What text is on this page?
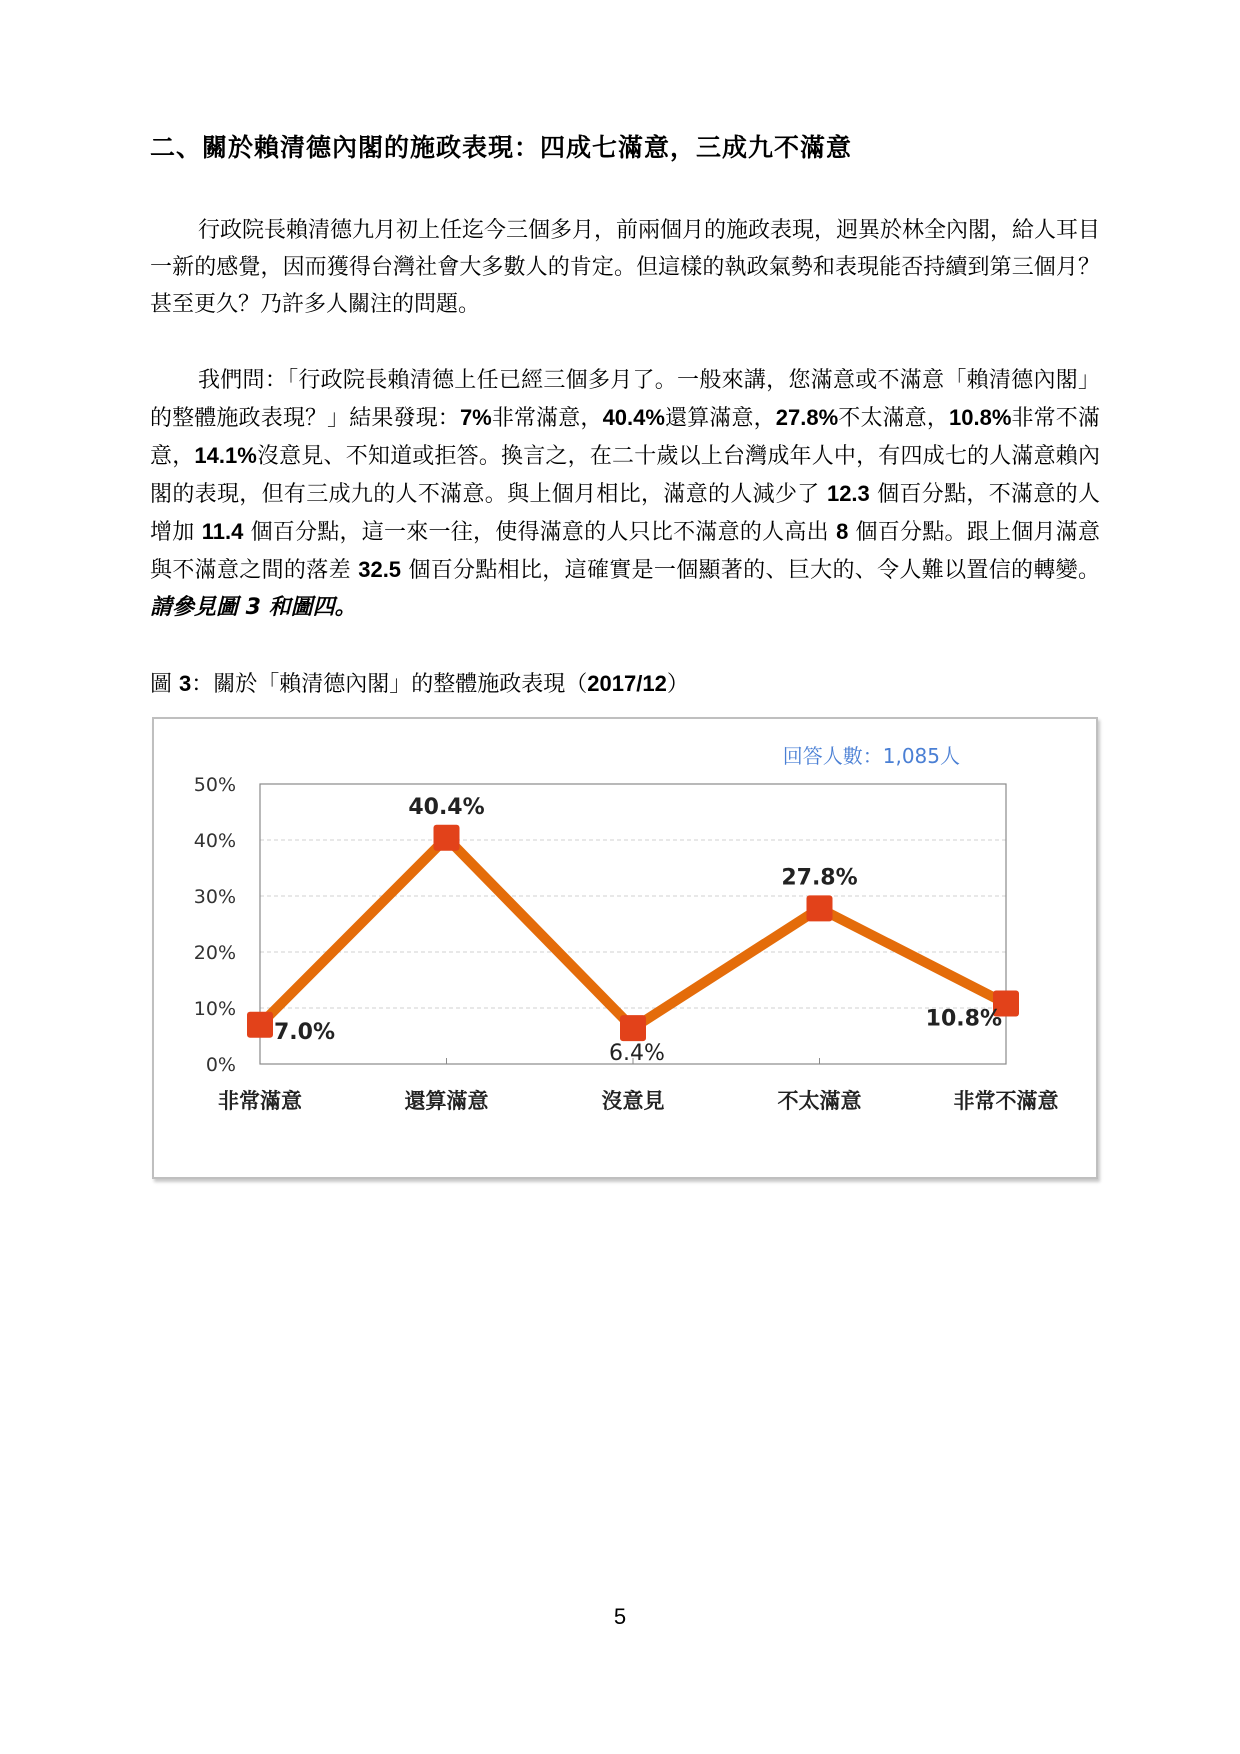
二、關於賴清德內閣的施政表現：四成七滿意，三成九不滿意
行政院長賴清德九月初上任迄今三個多月，前兩個月的施政表現，迥異於林全內閣，給人耳目一新的感覺，因而獲得台灣社會大多數人的肯定。但這樣的執政氣勢和表現能否持續到第三個月？甚至更久？乃許多人關注的問題。
我們問：「行政院長賴清德上任已經三個多月了。一般來講，您滿意或不滿意「賴清德內閣」的整體施政表現？」結果發現：7%非常滿意，40.4%還算滿意，27.8%不太滿意，10.8%非常不滿意，14.1%沒意見、不知道或拒答。換言之，在二十歲以上台灣成年人中，有四成七的人滿意賴內閣的表現，但有三成九的人不滿意。與上個月相比，滿意的人減少了 12.3 個百分點，不滿意的人增加 11.4 個百分點，這一來一往，使得滿意的人只比不滿意的人高出 8 個百分點。跟上個月滿意與不滿意之間的落差 32.5 個百分點相比，這確實是一個顯著的、巨大的、令人難以置信的轉變。請參見圖 3 和圖四。
圖 3：關於「賴清德內閣」的整體施政表現（2017/12）
0%
10%
20%
30%
40%
50%
非常滿意	還算滿意	沒意見	不太滿意	非常不滿意
7.0%
40.4%
6.4%
27.8%
10.8%
回答人數：1,085人
5
